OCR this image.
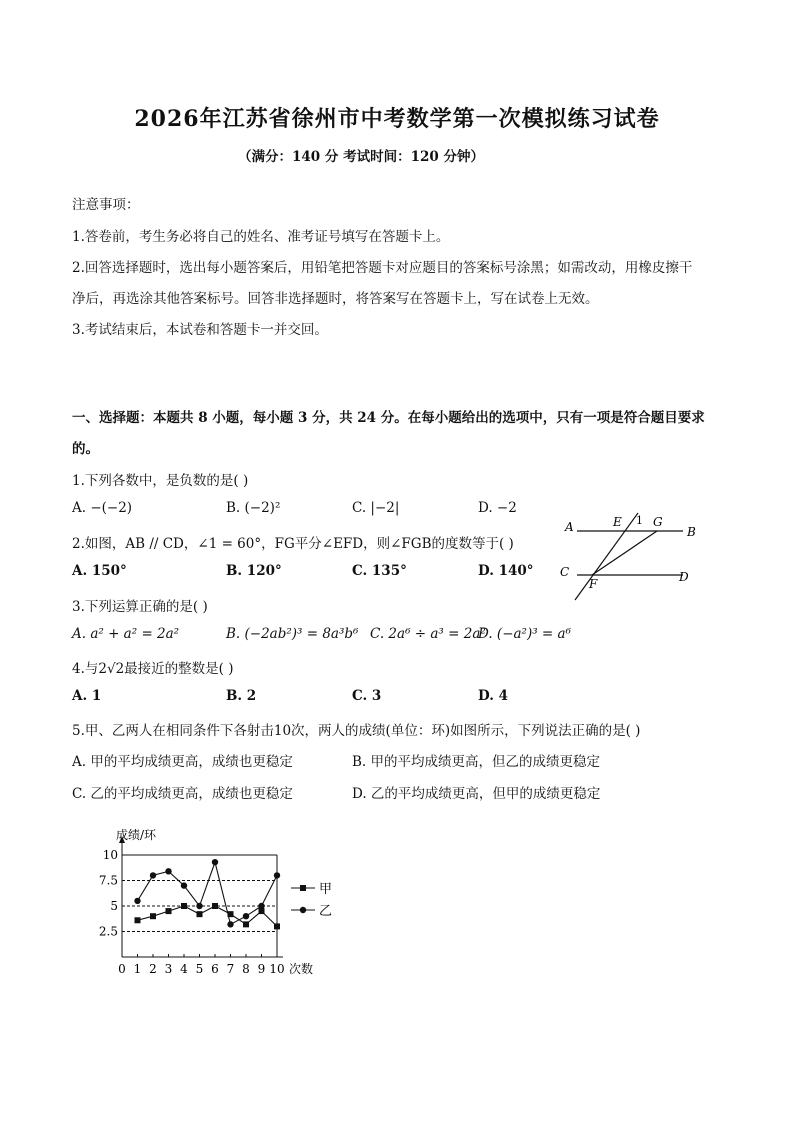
2026年江苏省徐州市中考数学第一次模拟练习试卷
（满分：140 分 考试时间：120 分钟）
注意事项：
1.答卷前，考生务必将自己的姓名、准考证号填写在答题卡上。
2.回答选择题时，选出每小题答案后，用铅笔把答题卡对应题目的答案标号涂黑；如需改动，用橡皮擦干
净后，再选涂其他答案标号。回答非选择题时，将答案写在答题卡上，写在试卷上无效。
3.考试结束后，本试卷和答题卡一并交回。
一、选择题：本题共 8 小题，每小题 3 分，共 24 分。在每小题给出的选项中，只有一项是符合题目要求
的。
1.下列各数中，是负数的是( )
A. −(−2)	B. (−2)²	C. |−2|	D. −2
2.如图，AB // CD，∠1 = 60°，FG平分∠EFD，则∠FGB的度数等于( )
A. 150°	B. 120°	C. 135°	D. 140°
A	B
C	D
E	G
F
1
3.下列运算正确的是( )
A. a² + a² = 2a²	B. (−2ab²)³ = 8a³b⁶ C. 2a⁶ ÷ a³ = 2a²
D. (−a²)³ = a⁶
4.与2√2最接近的整数是( )
A. 1	B. 2	C. 3	D. 4
5.甲、乙两人在相同条件下各射击10次，两人的成绩(单位：环)如图所示，下列说法正确的是( )
A. 甲的平均成绩更高，成绩也更稳定	B. 甲的平均成绩更高，但乙的成绩更稳定
C. 乙的平均成绩更高，成绩也更稳定	D. 乙的平均成绩更高，但甲的成绩更稳定
成绩/环
次数
2.5
5
7.5
10
0 1 2 3 4 5 6 7 8 9 10
甲
乙
